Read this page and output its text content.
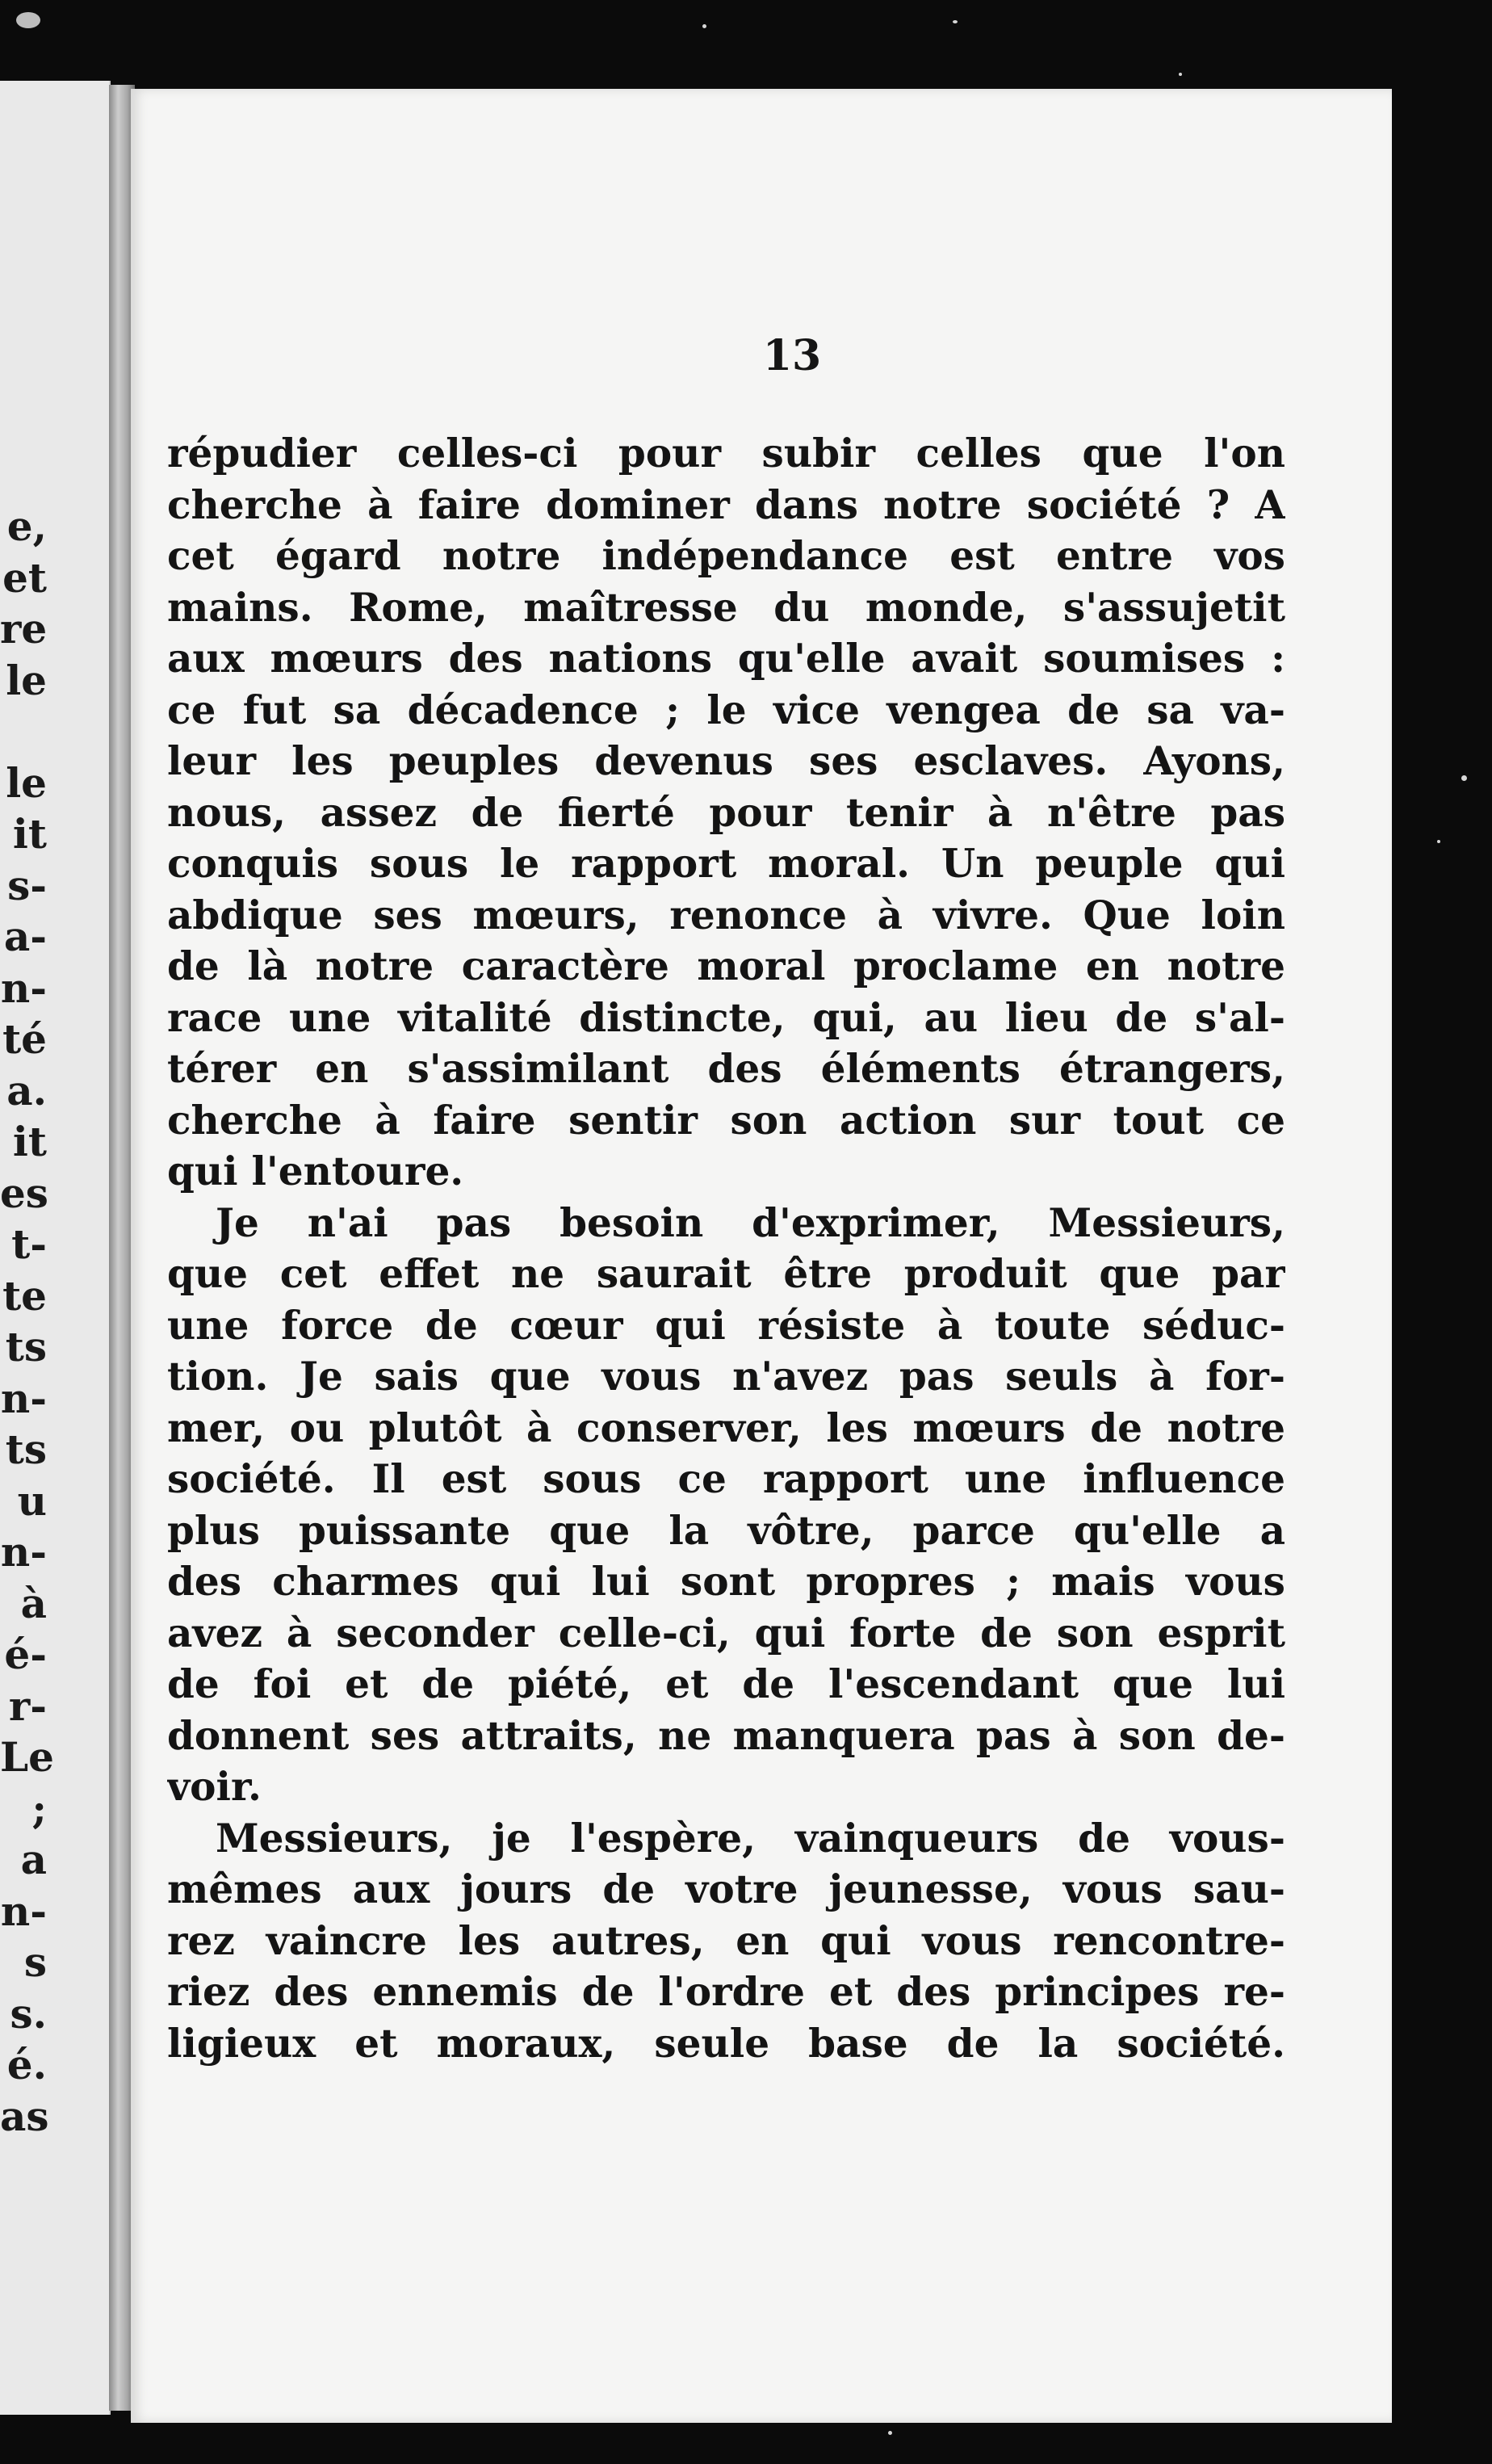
e,
et
re
le
le
it
s-
a-
n-
té
a.
it
es
t-
te
ts
n-
ts
u
n-
à
é-
r-
Le
;
a
n-
s
s.
é.
as
13
répudier celles-ci pour subir celles que l'on
cherche à faire dominer dans notre société ? A
cet égard notre indépendance est entre vos
mains. Rome, maîtresse du monde, s'assujetit
aux mœurs des nations qu'elle avait soumises :
ce fut sa décadence ; le vice vengea de sa va-
leur les peuples devenus ses esclaves. Ayons,
nous, assez de fierté pour tenir à n'être pas
conquis sous le rapport moral. Un peuple qui
abdique ses mœurs, renonce à vivre. Que loin
de là notre caractère moral proclame en notre
race une vitalité distincte, qui, au lieu de s'al-
térer en s'assimilant des éléments étrangers,
cherche à faire sentir son action sur tout ce
qui l'entoure.
Je n'ai pas besoin d'exprimer, Messieurs,
que cet effet ne saurait être produit que par
une force de cœur qui résiste à toute séduc-
tion. Je sais que vous n'avez pas seuls à for-
mer, ou plutôt à conserver, les mœurs de notre
société. Il est sous ce rapport une influence
plus puissante que la vôtre, parce qu'elle a
des charmes qui lui sont propres ; mais vous
avez à seconder celle-ci, qui forte de son esprit
de foi et de piété, et de l'escendant que lui
donnent ses attraits, ne manquera pas à son de-
voir.
Messieurs, je l'espère, vainqueurs de vous-
mêmes aux jours de votre jeunesse, vous sau-
rez vaincre les autres, en qui vous rencontre-
riez des ennemis de l'ordre et des principes re-
ligieux et moraux, seule base de la société.
